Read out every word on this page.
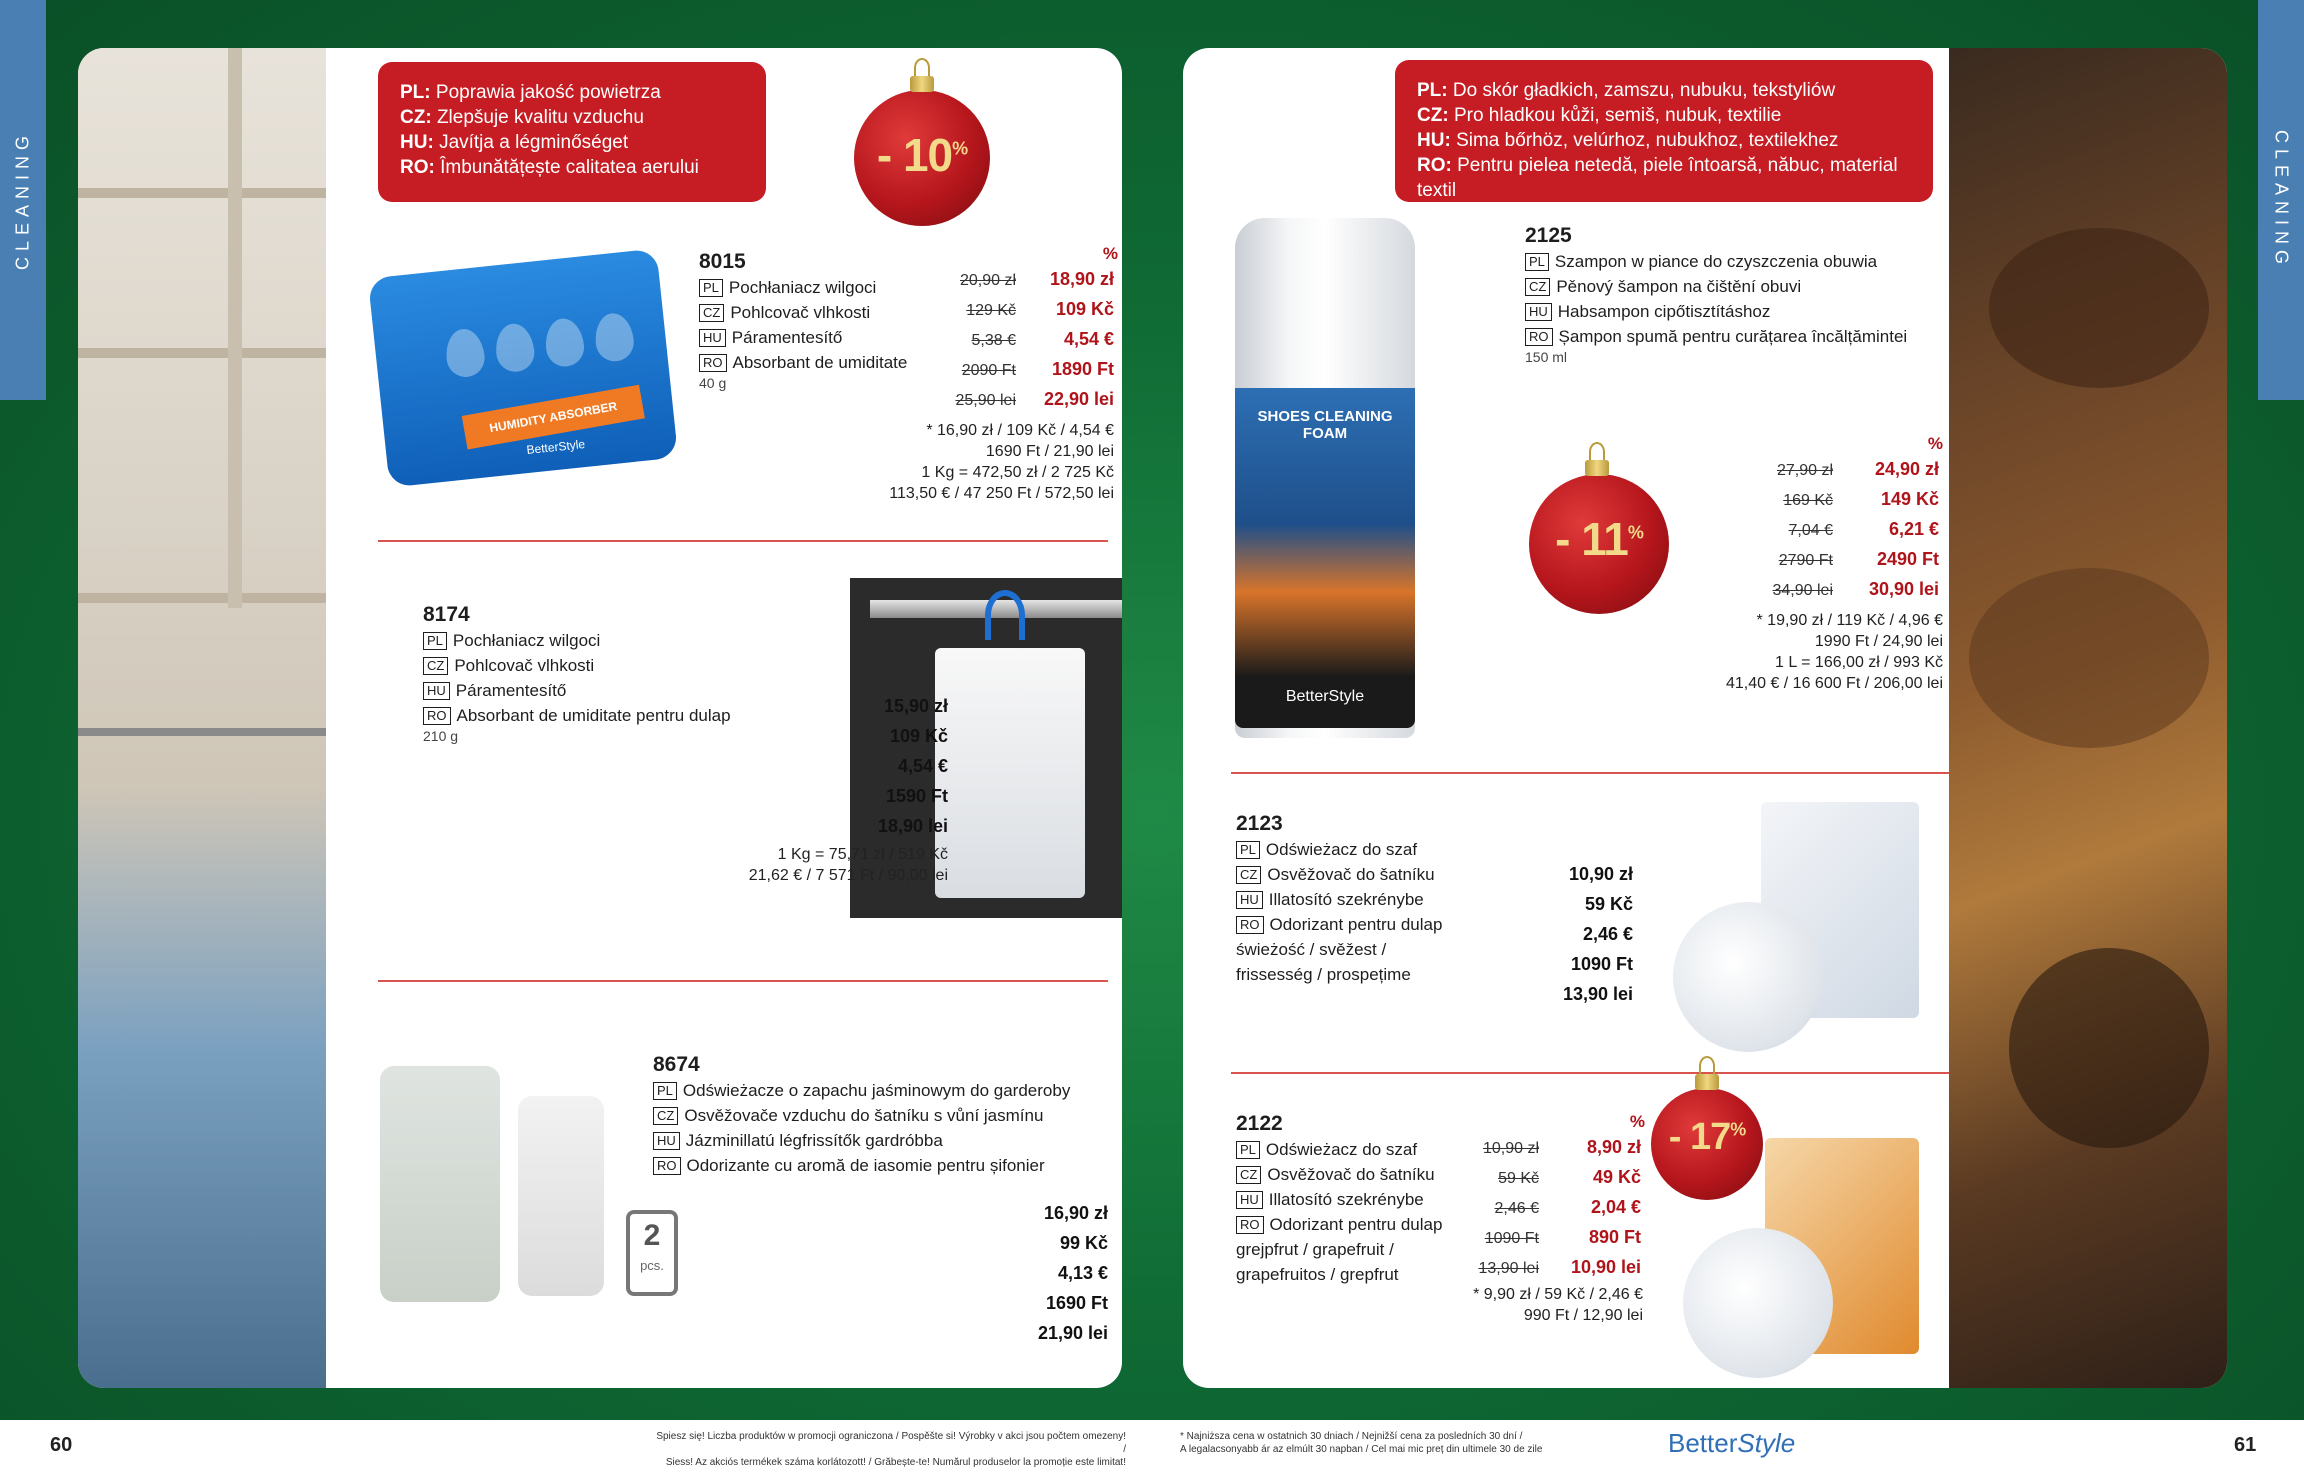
CLEANING	CLEANING
PL: Poprawia jakość powietrza
CZ: Zlepšuje kvalitu vzduchu
HU: Javítja a légminőséget
RO: Îmbunătățește calitatea aerului	- 10%
HUMIDITY ABSORBER
BetterStyle
8015
PL Pochłaniacz wilgoci
CZ Pohlcovač vlhkosti
HU Páramentesítő
RO Absorbant de umiditate
40 g
%
20,90 zł 18,90 zł
129 Kč 109 Kč
5,38 €	4,54 €
2090 Ft 1890 Ft
25,90 lei 22,90 lei
* 16,90 zł / 109 Kč / 4,54 €
1690 Ft / 21,90 lei
1 Kg = 472,50 zł / 2 725 Kč
113,50 € / 47 250 Ft / 572,50 lei
8174
PL Pochłaniacz wilgoci
CZ Pohlcovač vlhkosti
HU Páramentesítő
RO Absorbant de umiditate pentru dulap
210 g
15,90 zł
109 Kč
4,54 €
1590 Ft
18,90 lei
1 Kg = 75,71 zł / 519 Kč
21,62 € / 7 571 Ft / 90,00 lei
2
pcs.
8674
PL Odświeżacze o zapachu jaśminowym do garderoby
CZ Osvěžovače vzduchu do šatníku s vůní jasmínu
HU Jázminillatú légfrissítők gardróbba
RO Odorizante cu aromă de iasomie pentru șifonier
16,90 zł
99 Kč
4,13 €
1690 Ft
21,90 lei
PL: Do skór gładkich, zamszu, nubuku, tekstyliów
CZ: Pro hladkou kůži, semiš, nubuk, textilie
HU: Sima bőrhöz, velúrhoz, nubukhoz, textilekhez
RO: Pentru pielea netedă, piele întoarsă, năbuc, material textil
SHOES CLEANING FOAM
BetterStyle
2125
PL Szampon w piance do czyszczenia obuwia
CZ Pěnový šampon na čištění obuvi
HU Habsampon cipőtisztításhoz
RO Șampon spumă pentru curățarea încălțămintei
150 ml
- 11%
%
27,90 zł 24,90 zł
169 Kč	149 Kč
7,04 €	6,21 €
2790 Ft 2490 Ft
34,90 lei 30,90 lei
* 19,90 zł / 119 Kč / 4,96 €
1990 Ft / 24,90 lei
1 L = 166,00 zł / 993 Kč
41,40 € / 16 600 Ft / 206,00 lei
2123
PL Odświeżacz do szaf
CZ Osvěžovač do šatníku
HU Illatosító szekrénybe
RO Odorizant pentru dulap
świeżość / svěžest /
frissesség / prospețime
10,90 zł
59 Kč
2,46 €
1090 Ft
13,90 lei
2122
PL Odświeżacz do szaf
CZ Osvěžovač do šatníku
HU Illatosító szekrénybe
RO Odorizant pentru dulap
grejpfrut / grapefruit /
grapefruitos / grepfrut
%
10,90 zł	8,90 zł
59 Kč	49 Kč
2,46 €	2,04 €
1090 Ft	890 Ft
13,90 lei 10,90 lei
* 9,90 zł / 59 Kč / 2,46 €
990 Ft / 12,90 lei
- 17%
60	Spiesz się! Liczba produktów w promocji ograniczona / Pospěšte si! Výrobky v akci jsou počtem omezeny! /
Siess! Az akciós termékek száma korlátozott! / Grăbește-te! Numărul produselor la promoție este limitat!
* Najniższa cena w ostatnich 30 dniach / Nejnižší cena za posledních 30 dní /
A legalacsonyabb ár az elmúlt 30 napban / Cel mai mic preț din ultimele 30 de zile	BetterStyle	61
